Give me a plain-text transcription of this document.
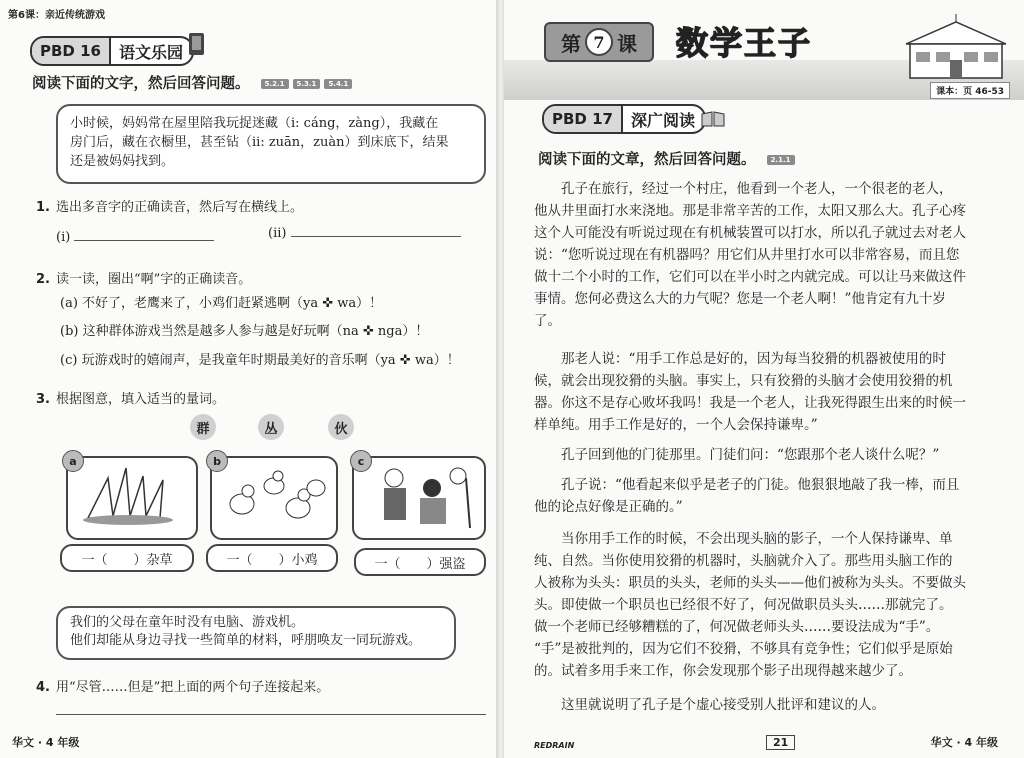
第6课：亲近传统游戏
PBD 16	语文乐园
阅读下面的文字，然后回答问题。	5.2.1	5.3.1	5.4.1
小时候，妈妈常在屋里陪我玩捉迷藏（i: cáng，zàng），我藏在
房门后，藏在衣橱里，甚至钻（ii: zuān，zuàn）到床底下，结果
还是被妈妈找到。
1. 选出多音字的正确读音，然后写在横线上。
(i)	(ii)
2. 读一读，圈出“啊”字的正确读音。
(a) 不好了，老鹰来了，小鸡们赶紧逃啊（ya ✜ wa）！
(b) 这种群体游戏当然是越多人参与越是好玩啊（na ✜ nga）！
(c) 玩游戏时的嬉闹声，是我童年时期最美好的音乐啊（ya ✜ wa）！
3. 根据图意，填入适当的量词。
群	丛	伙
a
一（　　）杂草
b
一（　　）小鸡
c
一（　　）强盗
我们的父母在童年时没有电脑、游戏机。
他们却能从身边寻找一些简单的材料，呼朋唤友一同玩游戏。
4. 用“尽管……但是”把上面的两个句子连接起来。
华文 · 4 年级
第 7 课 数学王子
课本：页 46-53
PBD 17	深广阅读
阅读下面的文章，然后回答问题。	2.1.1
　　孔子在旅行，经过一个村庄，他看到一个老人，一个很老的老人，
他从井里面打水来浇地。那是非常辛苦的工作，太阳又那么大。孔子心疼
这个人可能没有听说过现在有机械装置可以打水，所以孔子就过去对老人
说：“您听说过现在有机器吗？用它们从井里打水可以非常容易，而且您
做十二个小时的工作，它们可以在半小时之内就完成。可以让马来做这件
事情。您何必费这么大的力气呢？您是一个老人啊！”他肯定有九十岁
了。
　　那老人说：“用手工作总是好的，因为每当狡猾的机器被使用的时
候，就会出现狡猾的头脑。事实上，只有狡猾的头脑才会使用狡猾的机
器。你这不是存心败坏我吗！我是一个老人，让我死得跟生出来的时候一
样单纯。用手工作是好的，一个人会保持谦卑。”
　　孔子回到他的门徒那里。门徒们问：“您跟那个老人谈什么呢？”
　　孔子说：“他看起来似乎是老子的门徒。他狠狠地敲了我一棒，而且
他的论点好像是正确的。”
　　当你用手工作的时候，不会出现头脑的影子，一个人保持谦卑、单
纯、自然。当你使用狡猾的机器时，头脑就介入了。那些用头脑工作的
人被称为头头：职员的头头，老师的头头——他们被称为头头。不要做头
头。即使做一个职员也已经很不好了，何况做职员头头……那就完了。
做一个老师已经够糟糕的了，何况做老师头头……要设法成为“手”。
“手”是被批判的，因为它们不狡猾，不够具有竞争性；它们似乎是原始
的。试着多用手来工作，你会发现那个影子出现得越来越少了。
　　这里就说明了孔子是个虚心接受别人批评和建议的人。
REDRAIN	21	华文 · 4 年级
